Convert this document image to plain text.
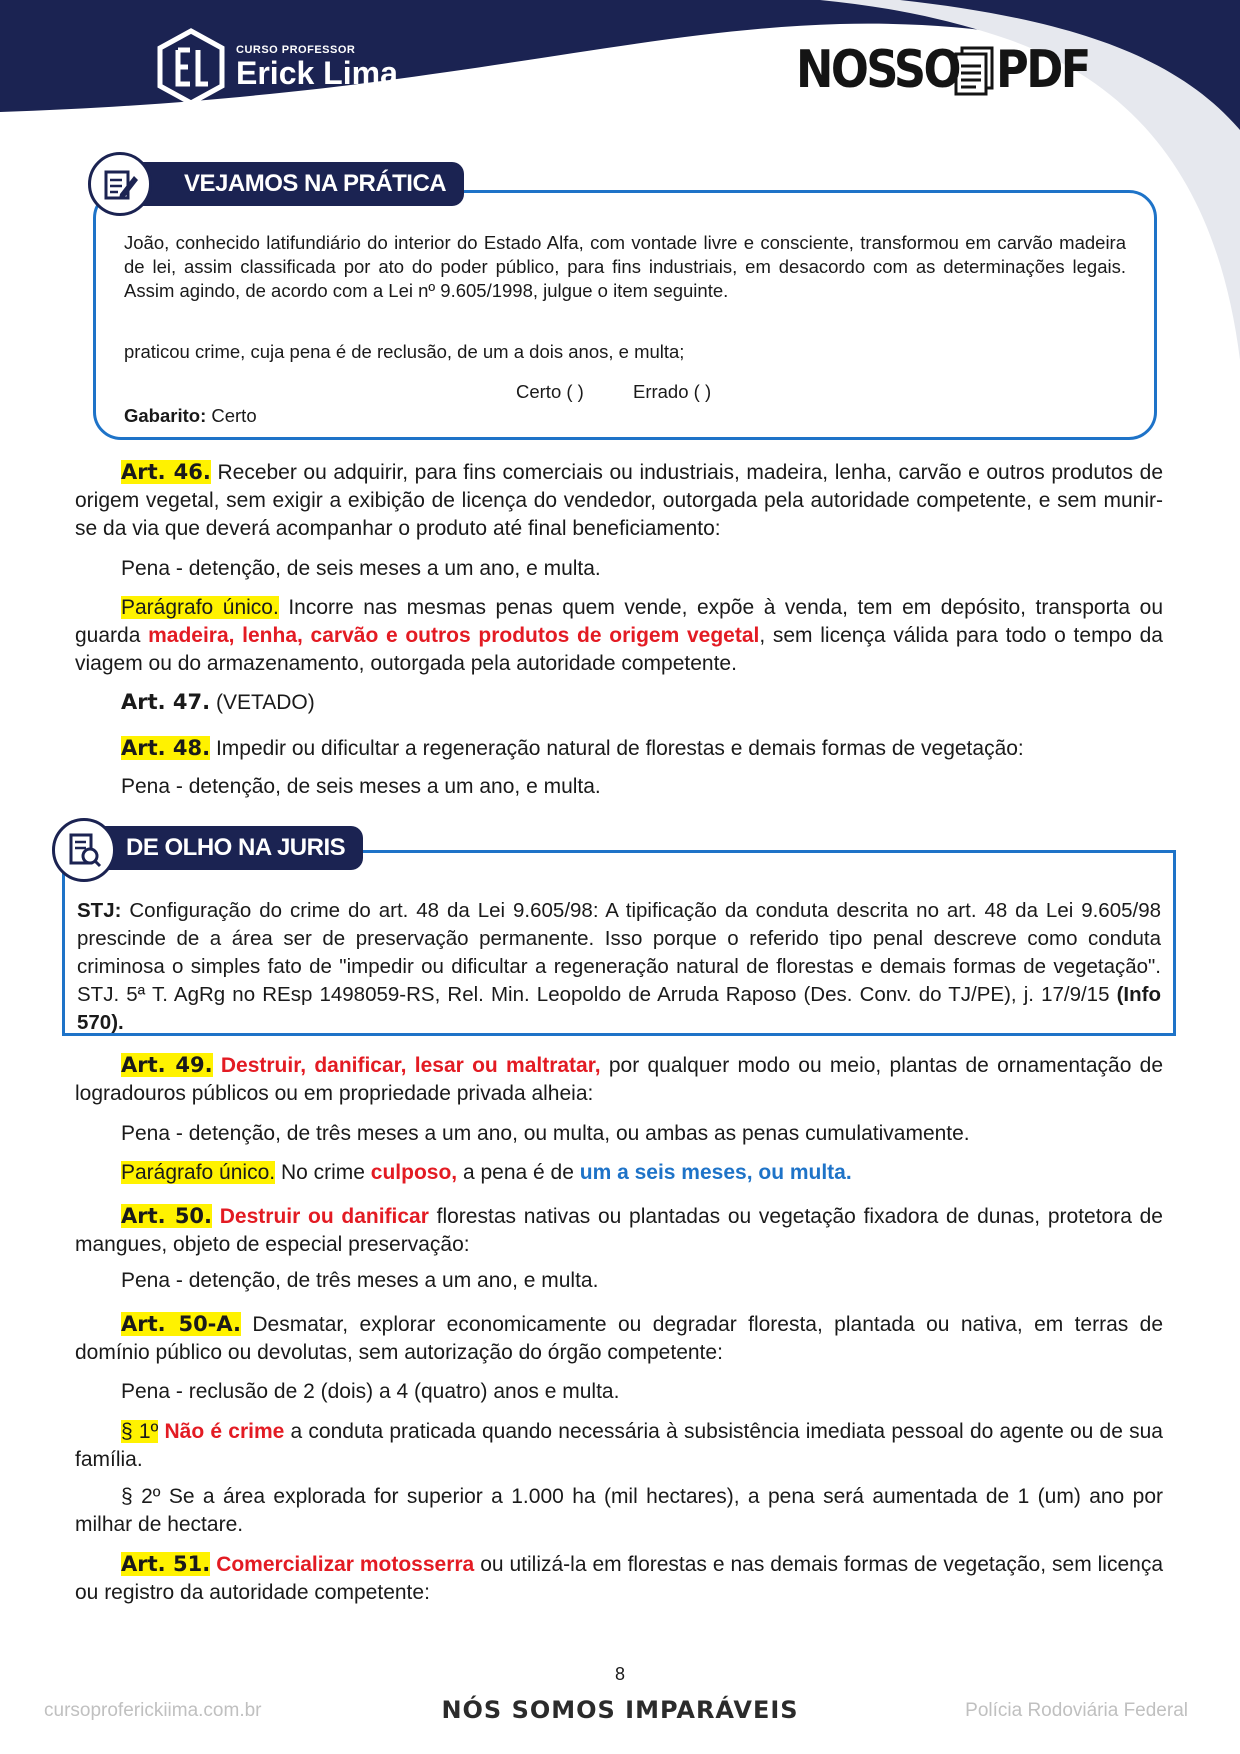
CURSO PROFESSOR
Erick Lima	NOSSO PDF
João, conhecido latifundiário do interior do Estado Alfa, com vontade livre e consciente, transformou em carvão madeira de lei, assim classificada por ato do poder público, para fins industriais, em desacordo com as determinações legais. Assim agindo, de acordo com a Lei nº 9.605/1998, julgue o item seguinte.
praticou crime, cuja pena é de reclusão, de um a dois anos, e multa;
Certo ( )	Errado ( )
Gabarito: Certo
VEJAMOS NA PRÁTICA
Art. 46. Receber ou adquirir, para fins comerciais ou industriais, madeira, lenha, carvão e outros produtos de origem vegetal, sem exigir a exibição de licença do vendedor, outorgada pela autoridade competente, e sem munir-se da via que deverá acompanhar o produto até final beneficiamento:
Pena - detenção, de seis meses a um ano, e multa.
Parágrafo único. Incorre nas mesmas penas quem vende, expõe à venda, tem em depósito, transporta ou guarda madeira, lenha, carvão e outros produtos de origem vegetal, sem licença válida para todo o tempo da viagem ou do armazenamento, outorgada pela autoridade competente.
Art. 47. (VETADO)
Art. 48. Impedir ou dificultar a regeneração natural de florestas e demais formas de vegetação:
Pena - detenção, de seis meses a um ano, e multa.
STJ: Configuração do crime do art. 48 da Lei 9.605/98: A tipificação da conduta descrita no art. 48 da Lei 9.605/98 prescinde de a área ser de preservação permanente. Isso porque o referido tipo penal descreve como conduta criminosa o simples fato de "impedir ou dificultar a regeneração natural de florestas e demais formas de vegetação". STJ. 5ª T. AgRg no REsp 1498059-RS, Rel. Min. Leopoldo de Arruda Raposo (Des. Conv. do TJ/PE), j. 17/9/15 (Info 570).
DE OLHO NA JURIS
Art. 49. Destruir, danificar, lesar ou maltratar, por qualquer modo ou meio, plantas de ornamentação de logradouros públicos ou em propriedade privada alheia:
Pena - detenção, de três meses a um ano, ou multa, ou ambas as penas cumulativamente.
Parágrafo único. No crime culposo, a pena é de um a seis meses, ou multa.
Art. 50. Destruir ou danificar florestas nativas ou plantadas ou vegetação fixadora de dunas, protetora de mangues, objeto de especial preservação:
Pena - detenção, de três meses a um ano, e multa.
Art. 50-A. Desmatar, explorar economicamente ou degradar floresta, plantada ou nativa, em terras de domínio público ou devolutas, sem autorização do órgão competente:
Pena - reclusão de 2 (dois) a 4 (quatro) anos e multa.
§ 1º Não é crime a conduta praticada quando necessária à subsistência imediata pessoal do agente ou de sua família.
§ 2º Se a área explorada for superior a 1.000 ha (mil hectares), a pena será aumentada de 1 (um) ano por milhar de hectare.
Art. 51. Comercializar motosserra ou utilizá-la em florestas e nas demais formas de vegetação, sem licença ou registro da autoridade competente:
8
cursoproferickiima.com.br	NÓS SOMOS IMPARÁVEIS	Polícia Rodoviária Federal
